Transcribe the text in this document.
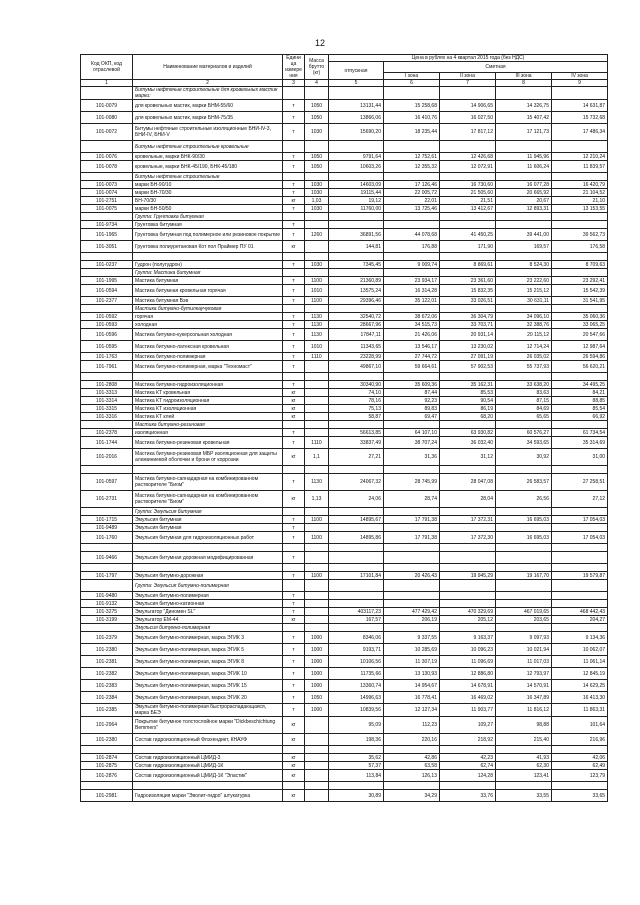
12
Код ОКП, код отраслевой	Наименование материалов и изделий	Едини ца измере ния	Масса брутто (кг)	Цена в рублях на 4 квартал 2015 года (без НДС)				
				отпускная	Сметная			
					I зона	II зона	III зона	IV зона
1	2	3	4	5	6	7	8	9
	Битумы нефтяные строительные для кровельных мастик марки:							
101-0079	для кровельных мастик, марки БНМ-55/60	т	1050	13131,44	15 258,68	14 906,65	14 326,75	14 631,87
101-0080	для кровельных мастик, марки БНМ-75/35	т	1050	13866,06	16 410,76	16 027,50	15 407,42	15 732,68
101-0072	Битумы нефтяные строительные изоляционные БНИ-IV-3, БНИ-IV, БНИ-V	т	1030	15690,20	18 235,44	17 817,12	17 121,73	17 486,34
	Битумы нефтяные строительные кровельные							
101-0076	кровельные, марки БНК-90/30	т	1050	9791,64	12 752,61	12 426,68	11 945,96	12 210,24
101-0078	кровельные, марки БНК-45/190, БНК-45/180	т	1050	10603,26	12 355,32	12 072,91	11 606,24	11 839,57
	Битумы нефтяные строительные							
101-0073	марки БН-90/10	т	1030	14603,09	17 126,46	16 730,60	16 077,28	16 420,79
101-0074	марки БН-70/30	т	1030	19115,44	22 005,72	21 505,60	20 665,92	21 104,52
101-2751	БН-70/30	кг	1,03	19,12	22,01	21,51	20,67	21,10
101-0075	марки БН-50/50	т	1030	11760,00	13 725,46	13 412,67	12 893,31	13 153,55
	Группа: Грунтовка битумная							
101-9734	Грунтовка битумная	т						
101-1965	Грунтовка битумная под полимерное или резиновое покрытие	т	1260	36891,56	44 078,68	41 450,25	39 441,00	39 562,73
101-3051	Грунтовка полиуретановая Кот пол Праймер ПУ 01	кг		144,81	176,88	171,90	169,57	176,58

101-0237	Гудрон (полугудрон)	т	1030	7345,45	9 009,74	8 869,61	8 524,30	8 709,63
	Группа: Мастика битумная							
101-1995	Мастика битумная	т	1100	21360,89	23 934,17	23 361,60	23 222,60	23 292,41
101-0594	Мастика битумная кровельная горячая	т	1010	13575,24	16 314,28	15 832,35	15 215,12	15 542,39
101-2377	Мастика битумная Вэв	т	1100	29396,46	35 122,01	33 026,51	30 631,11	31 541,95
	Мастика битумно-бутилкаучуковая							
101-0592	горячая	т	1130	32540,72	38 672,06	36 304,79	34 096,10	35 060,36
101-0593	холодная	т	1130	28667,96	34 515,73	33 703,71	32 388,76	33 065,25
101-0596	Мастика битумно-кукерсольная холодная	т	1130	17847,11	21 426,06	20 931,14	20 115,12	20 547,66
101-0595	Мастика битумно-латексная кровельная	т	1010	11343,65	13 546,17	13 230,02	12 714,24	12 987,64
101-1763	Мастика битумно-полимерная	т	1110	23228,99	27 744,72	27 091,19	26 035,02	26 594,86
101-7961	Мастика битумно-полимерная, марка "Техномаст"	т		49867,10	59 664,61	57 902,53	55 737,93	56 620,21

101-2808	Мастика битумно-гидроизоляционная	т		30340,90	35 609,36	35 162,31	33 638,20	34 495,25
101-3313	Мастика КТ кровельная	кг		74,10	87,44	85,53	83,63	84,21
101-3314	Мастика КТ гидроизоляционная	кг		78,16	92,23	90,54	87,15	88,85
101-3315	Мастика КТ изоляционная	кг		75,13	89,83	86,19	84,69	85,54
101-3316	Мастика КТ клей	кг		58,87	69,47	68,20	65,65	66,92
	Мастика битумно-резиновая							
101-2378	изоляционная	т		56613,85	64 107,10	63 930,82	60 576,27	61 734,54
101-1744	Мастика битумно-резиновая кровельная	т	1110	33837,49	38 707,24	36 032,40	34 593,65	35 314,69
101-2016	Мастика битумно-резиновая МБР изоляционная для защиты алюминиевой оболочки и брони от коррозии	кг	1,1	27,21	31,36	31,12	30,92	31,00

101-0597	Мастика битумно-сапнадарная на комбинированном растворителе "Биом"	т	1130	24067,32	28 745,99	28 047,08	26 583,57	27 258,51
101-2731	Мастика битумно-сапнадарная на комбинированном растворителе "Биом"	кг	1,13	24,06	28,74	28,04	26,56	27,12
	Группа: Эмульсия битумная							
101-1715	Эмульсия битумная	т	1100	14895,67	17 791,38	17 372,31	16 695,03	17 054,03
101-9489	Эмульсия битумная	т						
101-1760	Эмульсия битумная для гидроизоляционных работ	т	1100	14895,86	17 791,38	17 372,30	16 695,03	17 054,03

101-9466	Эмульсия битумная дорожная модифицированная	т						

101-1797	Эмульсия битумно-дорожная	т	1100	17101,84	20 426,43	19 945,29	19 167,70	19 579,87
	Группа: Эмульсия битумно-полимерная							
101-9480	Эмульсия битумно-полимерная	т						
101-9132	Эмульсия битумно-катионная	т						
101-3275	Эмульгатор "Диномен SL"	т		403117,23	477 429,42	470 329,69	467 019,65	468 442,43
101-3199	Эмульгатор ЕМ-44	кг		167,57	206,19	205,12	203,65	204,27
	Эмульсия битумно-полимерная							
101-2379	Эмульсия битумно-полимерная, марка ЭГИК 3	т	1000	8346,06	9 337,55	9 163,37	9 097,93	9 134,36
101-2380	Эмульсия битумно-полимерная, марка ЭГИК 5	т	1000	9193,71	10 285,69	10 096,23	10 021,94	10 062,07
101-2381	Эмульсия битумно-полимерная, марка ЭГИК 8	т	1000	10106,56	11 307,19	11 096,69	11 017,03	11 061,14
101-2382	Эмульсия битумно-полимерная, марка ЭГИК 10	т	1000	11735,66	13 130,93	12 886,80	12 793,97	12 845,19
101-2383	Эмульсия битумно-полимерная, марка ЭГИК 15	т	1000	13360,74	14 954,67	14 678,91	14 570,91	14 629,25
101-2384	Эмульсия битумно-полимерная, марка ЭГИК 20	т	1050	14996,63	16 778,41	16 469,02	16 347,89	16 413,30
101-2385	Эмульсия битумно-полимерная быстрораспадающаяся, марка БЕЭ	т	1000	10839,56	12 127,34	11 903,77	11 816,12	11 863,31
101-2964	Покрытие битумное толстослойное марки "Dickbeschichtung Bemmers"	кг		95,09	112,23	109,27	98,88	101,64
101-2380	Состав гидроизоляционный Флэхендикт, КНАУФ	кг		198,36	220,16	218,92	215,40	216,96

101-2874	Состав гидроизоляционный ЦМИД-3	кг		35,62	42,86	42,23	41,93	42,06
101-2875	Состав гидроизоляционный ЦМИД-1К	кг		57,37	63,58	62,74	62,30	62,49
101-2876	Состав гидроизоляционный ЦМИД-1К "Эластик"	кг		113,84	126,13	124,28	123,41	123,79

101-2981	Гидроизоляция марки "Эволит-гидро" штукатурка	кг		30,89	34,29	33,76	33,55	33,65
